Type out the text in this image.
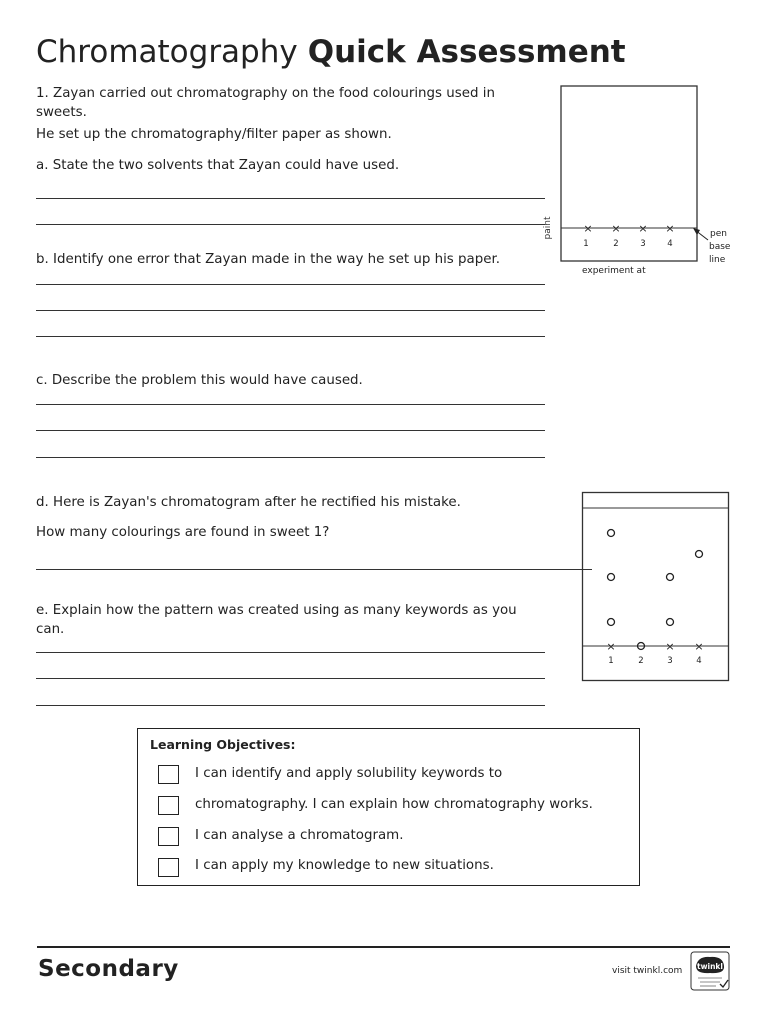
Chromatography Quick Assessment
1. Zayan carried out chromatography on the food colourings used in sweets.
He set up the chromatography/filter paper as shown.
a. State the two solvents that Zayan could have used.
b. Identify one error that Zayan made in the way he set up his paper.
c. Describe the problem this would have caused.
d. Here is Zayan's chromatogram after he rectified his mistake.
How many colourings are found in sweet 1?
e. Explain how the pattern was created using as many keywords as you can.
paint	× × × ×
1	2	3	4
pen
base
line
experiment at
×	× ×
1	2	3	4
Learning Objectives:
I can identify and apply solubility keywords to
chromatography. I can explain how chromatography works.
I can analyse a chromatogram.
I can apply my knowledge to new situations.
Secondary	visit twinkl.com twinkl
